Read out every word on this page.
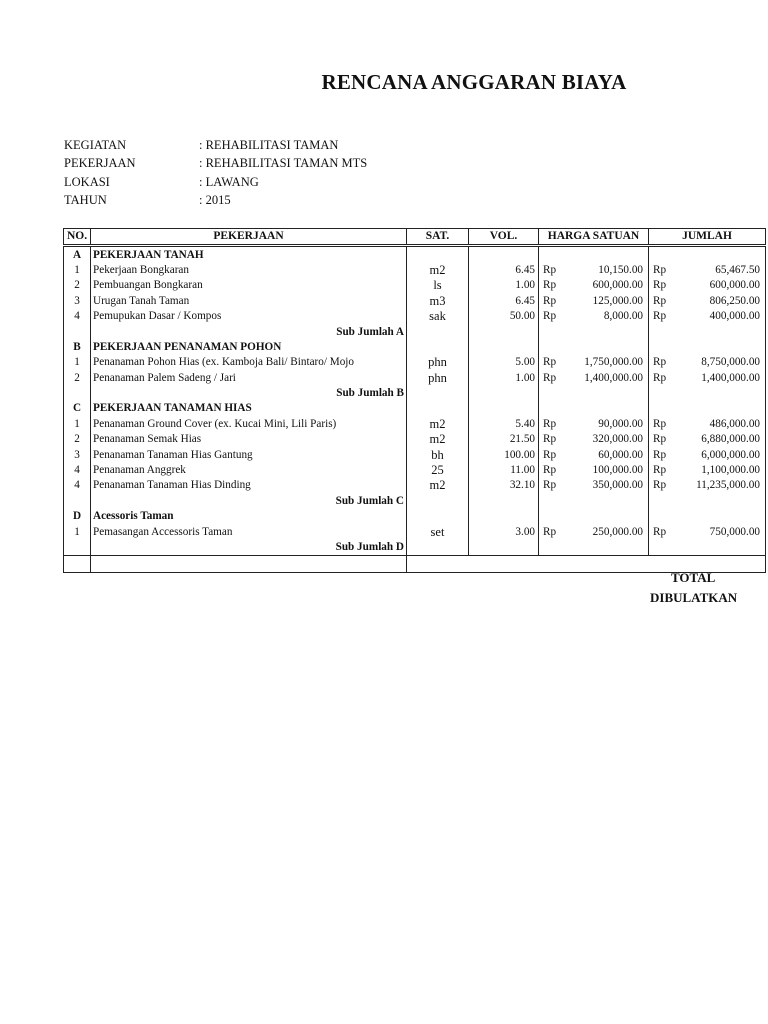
RENCANA ANGGARAN BIAYA
KEGIATAN	: REHABILITASI TAMAN
PEKERJAAN	: REHABILITASI TAMAN MTS
LOKASI	: LAWANG
TAHUN	: 2015
NO.	PEKERJAAN	SAT.	VOL.	HARGA SATUAN	JUMLAH
A	PEKERJAAN TANAH				
1	Pekerjaan Bongkaran	m2	6.45	Rp 10,150.00	Rp 65,467.50
2	Pembuangan Bongkaran	ls	1.00	Rp 600,000.00	Rp 600,000.00
3	Urugan Tanah Taman	m3	6.45	Rp 125,000.00	Rp 806,250.00
4	Pemupukan Dasar / Kompos	sak	50.00	Rp 8,000.00	Rp 400,000.00
	Sub Jumlah A				
B	PEKERJAAN PENANAMAN POHON				
1	Penanaman Pohon Hias (ex. Kamboja Bali/ Bintaro/ Mojo	phn	5.00	Rp 1,750,000.00	Rp 8,750,000.00
2	Penanaman Palem Sadeng / Jari	phn	1.00	Rp 1,400,000.00	Rp 1,400,000.00
	Sub Jumlah B				
C	PEKERJAAN TANAMAN HIAS				
1	Penanaman Ground Cover (ex. Kucai Mini, Lili Paris)	m2	5.40	Rp 90,000.00	Rp 486,000.00
2	Penanaman Semak Hias	m2	21.50	Rp 320,000.00	Rp 6,880,000.00
3	Penanaman Tanaman Hias Gantung	bh	100.00	Rp 60,000.00	Rp 6,000,000.00
4	Penanaman Anggrek	25	11.00	Rp 100,000.00	Rp 1,100,000.00
4	Penanaman Tanaman Hias Dinding	m2	32.10	Rp 350,000.00	Rp 11,235,000.00
	Sub Jumlah C				
D	Acessoris Taman				
1	Pemasangan Accessoris Taman	set	3.00	Rp 250,000.00	Rp 750,000.00
	Sub Jumlah D				

TOTAL
DIBULATKAN
